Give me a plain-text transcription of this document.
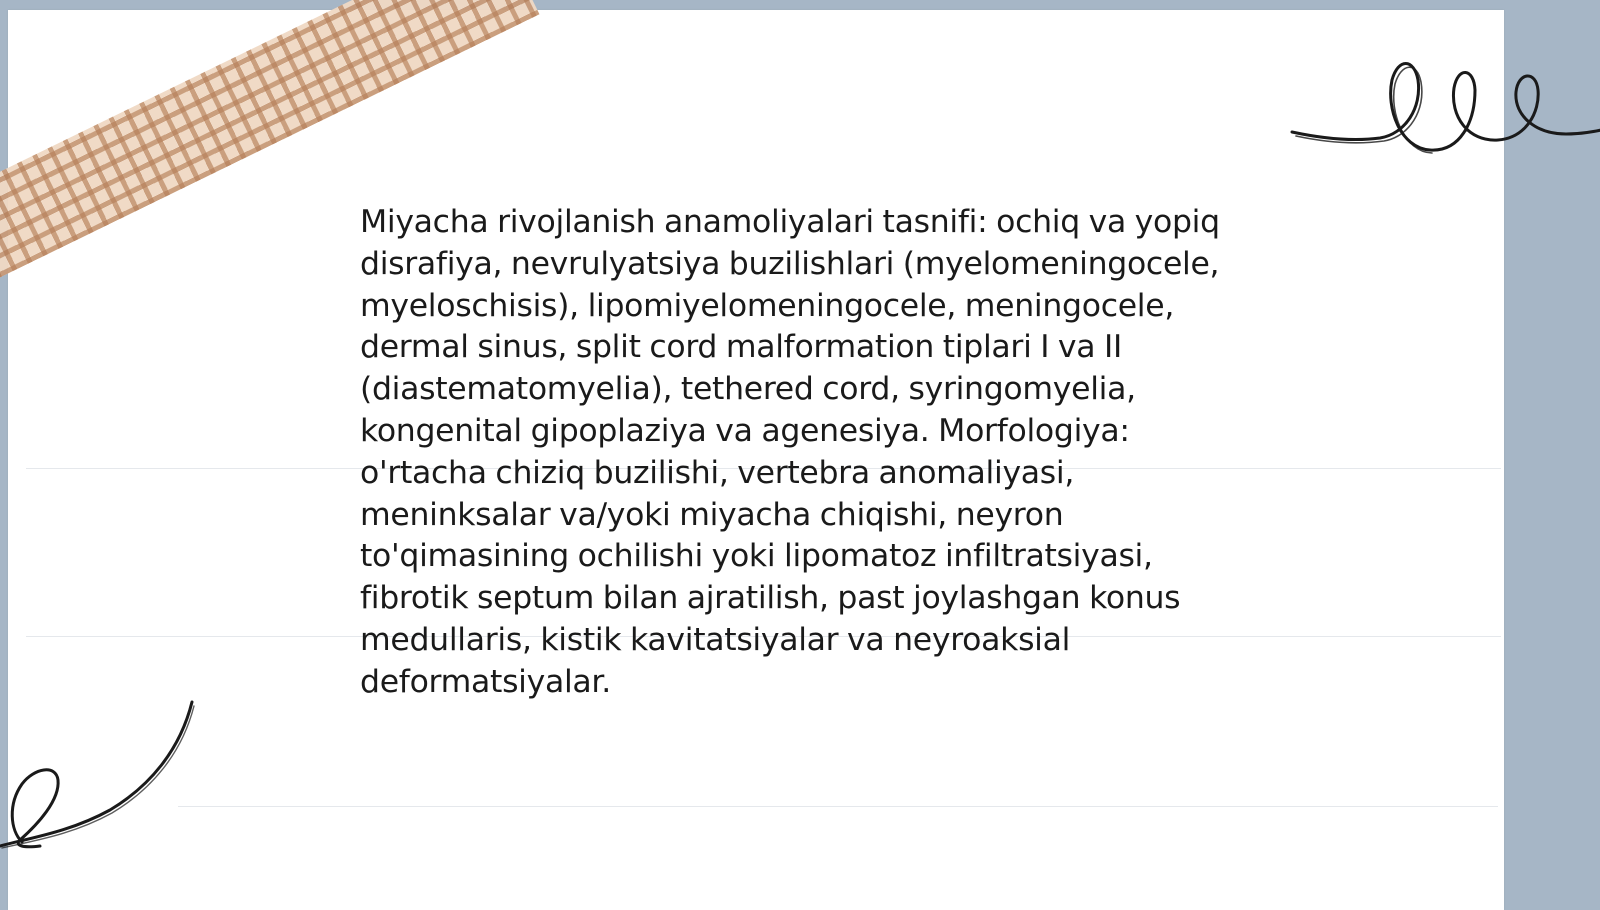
Miyacha rivojlanish anamoliyalari tasnifi: ochiq va yopiq disrafiya, nevrulyatsiya buzilishlari (myelomeningocele, myeloschisis), lipomiyelomeningocele, meningocele, dermal sinus, split cord malformation tiplari I va II (diastematomyelia), tethered cord, syringomyelia, kongenital gipoplaziya va agenesiya. Morfologiya: o'rtacha chiziq buzilishi, vertebra anomaliyasi, meninksalar va/yoki miyacha chiqishi, neyron to'qimasining ochilishi yoki lipomatoz infiltratsiyasi, fibrotik septum bilan ajratilish, past joylashgan konus medullaris, kistik kavitatsiyalar va neyroaksial deformatsiyalar.
